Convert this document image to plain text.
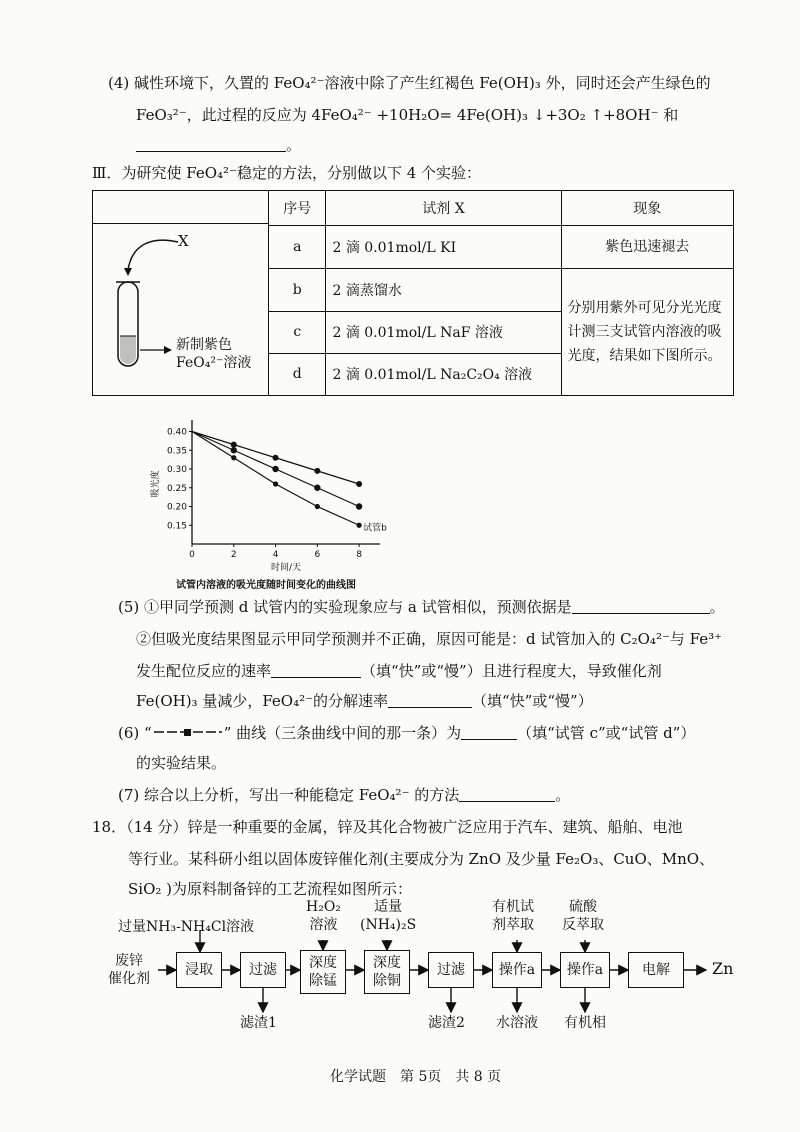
(4) 碱性环境下，久置的 FeO₄²⁻溶液中除了产生红褐色 Fe(OH)₃ 外，同时还会产生绿色的
FeO₃²⁻，此过程的反应为 4FeO₄²⁻ +10H₂O= 4Fe(OH)₃ ↓+3O₂ ↑+8OH⁻ 和
。
Ⅲ．为研究使 FeO₄²⁻稳定的方法，分别做以下 4 个实验：
X
新制紫色
FeO₄²⁻溶液
序号	试剂 X	现象
a	2 滴 0.01mol/L KI	紫色迅速褪去
b	2 滴蒸馏水	分别用紫外可见分光光度计测三支试管内溶液的吸光度，结果如下图所示。
c	2 滴 0.01mol/L NaF 溶液	
d	2 滴 0.01mol/L Na₂C₂O₄ 溶液	
0.40
0.35
0.30
0.25
0.20
0.15
0	2	4	6	8
时间/天
吸光度
试管内溶液的吸光度随时间变化的曲线图
试管b
(5) ①甲同学预测 d 试管内的实验现象应与 a 试管相似，预测依据是	。
②但吸光度结果图显示甲同学预测并不正确，原因可能是：d 试管加入的 C₂O₄²⁻与 Fe³⁺
发生配位反应的速率	（填“快”或“慢”）且进行程度大，导致催化剂
Fe(OH)₃ 量减少，FeO₄²⁻的分解速率	（填“快”或“慢”）
(6) “	” 曲线（三条曲线中间的那一条）为	（填“试管 c”或“试管 d”）
的实验结果。
(7) 综合以上分析，写出一种能稳定 FeO₄²⁻ 的方法	。
18．（14 分）锌是一种重要的金属，锌及其化合物被广泛应用于汽车、建筑、船舶、电池
等行业。某科研小组以固体废锌催化剂(主要成分为 ZnO 及少量 Fe₂O₃、CuO、MnO、
SiO₂ )为原料制备锌的工艺流程如图所示：
过量NH₃-NH₄Cl溶液
H₂O₂
溶液
适量
(NH₄)₂S
有机试
剂萃取
硫酸
反萃取
废锌
催化剂
浸取	过滤	深度
除锰
深度
除铜
过滤	操作a	操作a	电解	Zn
滤渣1	滤渣2 水溶液 有机相
化学试题　第 5页　共 8 页
